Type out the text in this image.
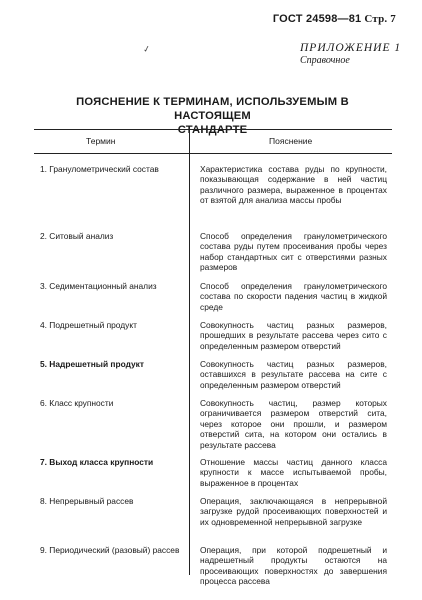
ГОСТ 24598—81 Стр. 7
✓	ПРИЛОЖЕНИЕ 1
Справочное
ПОЯСНЕНИЕ К ТЕРМИНАМ, ИСПОЛЬЗУЕМЫМ В НАСТОЯЩЕМ
СТАНДАРТЕ
Термин	Пояснение
1. Гранулометрический состав	Характеристика состава руды по крупности, показывающая содержание в ней частиц различного размера, выраженное в процентах от взятой для анализа массы пробы
2. Ситовый анализ	Способ определения гранулометрического состава руды путем просеивания пробы через набор стандартных сит с отверстиями разных размеров
3. Седиментационный анализ	Способ определения гранулометрического состава по скорости падения частиц в жидкой среде
4. Подрешетный продукт	Совокупность частиц разных размеров, прошедших в результате рассева через сито с определенным размером отверстий
5. Надрешетный продукт	Совокупность частиц разных размеров, оставшихся в результате рассева на сите с определенным размером отверстий
6. Класс крупности	Совокупность частиц, размер которых ограничивается размером отверстий сита, через которое они прошли, и размером отверстий сита, на котором они остались в результате рассева
7. Выход класса крупности	Отношение массы частиц данного класса крупности к массе испытываемой пробы, выраженное в процентах
8. Непрерывный рассев	Операция, заключающаяся в непрерывной загрузке рудой просеивающих поверхностей и их одновременной непрерывной загрузке
9. Периодический (разовый) рассев	Операция, при которой подрешетный и надрешетный продукты остаются на просеивающих поверхностях до завершения процесса рассева
